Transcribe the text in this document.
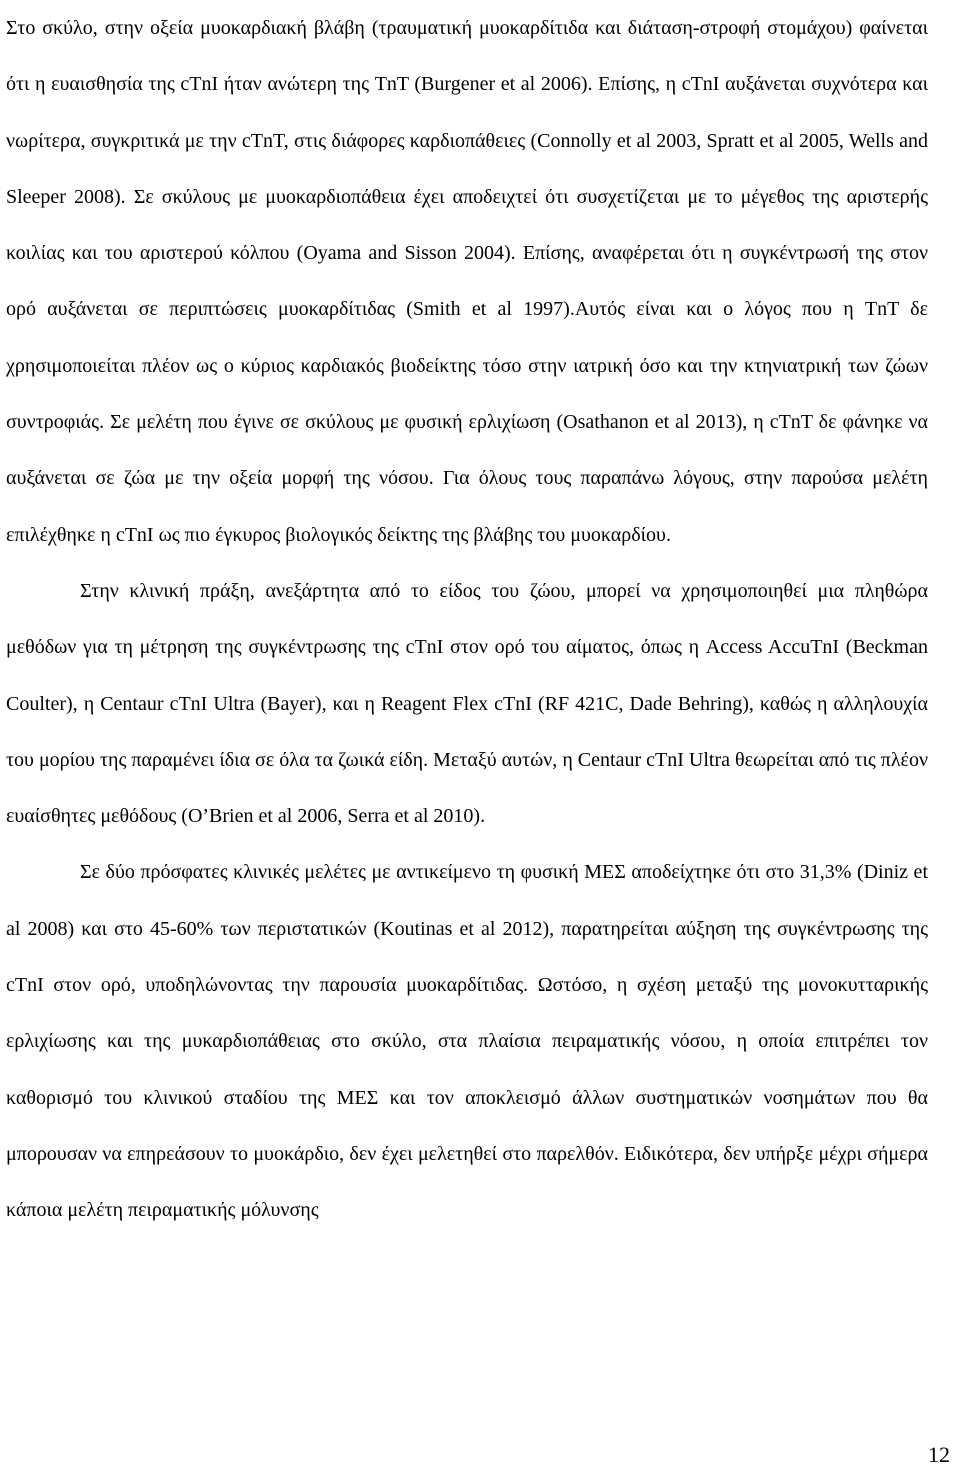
Στο σκύλο, στην οξεία μυοκαρδιακή βλάβη (τραυματική μυοκαρδίτιδα και διάταση-στροφή στομάχου) φαίνεται ότι η ευαισθησία της cTnI ήταν ανώτερη της TnT (Burgener et al 2006). Επίσης, η cTnI αυξάνεται συχνότερα και νωρίτερα, συγκριτικά με την cTnT, στις διάφορες καρδιοπάθειες (Connolly et al 2003, Spratt et al 2005, Wells and Sleeper 2008). Σε σκύλους με μυοκαρδιοπάθεια έχει αποδειχτεί ότι συσχετίζεται με το μέγεθος της αριστερής κοιλίας και του αριστερού κόλπου (Oyama and Sisson 2004). Επίσης, αναφέρεται ότι η συγκέντρωσή της στον ορό αυξάνεται σε περιπτώσεις μυοκαρδίτιδας (Smith et al 1997).Αυτός είναι και ο λόγος που η TnT δε χρησιμοποιείται πλέον ως ο κύριος καρδιακός βιοδείκτης τόσο στην ιατρική όσο και την κτηνιατρική των ζώων συντροφιάς. Σε μελέτη που έγινε σε σκύλους με φυσική ερλιχίωση (Osathanon et al 2013), η cTnT δε φάνηκε να αυξάνεται σε ζώα με την οξεία μορφή της νόσου. Για όλους τους παραπάνω λόγους, στην παρούσα μελέτη επιλέχθηκε η cTnI ως πιο έγκυρος βιολογικός δείκτης της βλάβης του μυοκαρδίου.

Στην κλινική πράξη, ανεξάρτητα από το είδος του ζώου, μπορεί να χρησιμοποιηθεί μια πληθώρα μεθόδων για τη μέτρηση της συγκέντρωσης της cTnI στον ορό του αίματος, όπως η Access AccuTnI (Beckman Coulter), η Centaur cTnI Ultra (Bayer), και η Reagent Flex cTnI (RF 421C, Dade Behring), καθώς η αλληλουχία του μορίου της παραμένει ίδια σε όλα τα ζωικά είδη. Μεταξύ αυτών, η Centaur cTnI Ultra θεωρείται από τις πλέον ευαίσθητες μεθόδους (O’Brien et al 2006, Serra et al 2010).

Σε δύο πρόσφατες κλινικές μελέτες με αντικείμενο τη φυσική ΜΕΣ αποδείχτηκε ότι στο 31,3% (Diniz et al 2008) και στο 45-60% των περιστατικών (Koutinas et al 2012), παρατηρείται αύξηση της συγκέντρωσης της cTnI στον ορό, υποδηλώνοντας την παρουσία μυοκαρδίτιδας. Ωστόσο, η σχέση μεταξύ της μονοκυτταρικής ερλιχίωσης και της μυκαρδιοπάθειας στο σκύλο, στα πλαίσια πειραματικής νόσου, η οποία επιτρέπει τον καθορισμό του κλινικού σταδίου της ΜΕΣ και τον αποκλεισμό άλλων συστηματικών νοσημάτων που θα μπορουσαν να επηρεάσουν το μυοκάρδιο, δεν έχει μελετηθεί στο παρελθόν. Ειδικότερα, δεν υπήρξε μέχρι σήμερα κάποια μελέτη πειραματικής μόλυνσης

12
